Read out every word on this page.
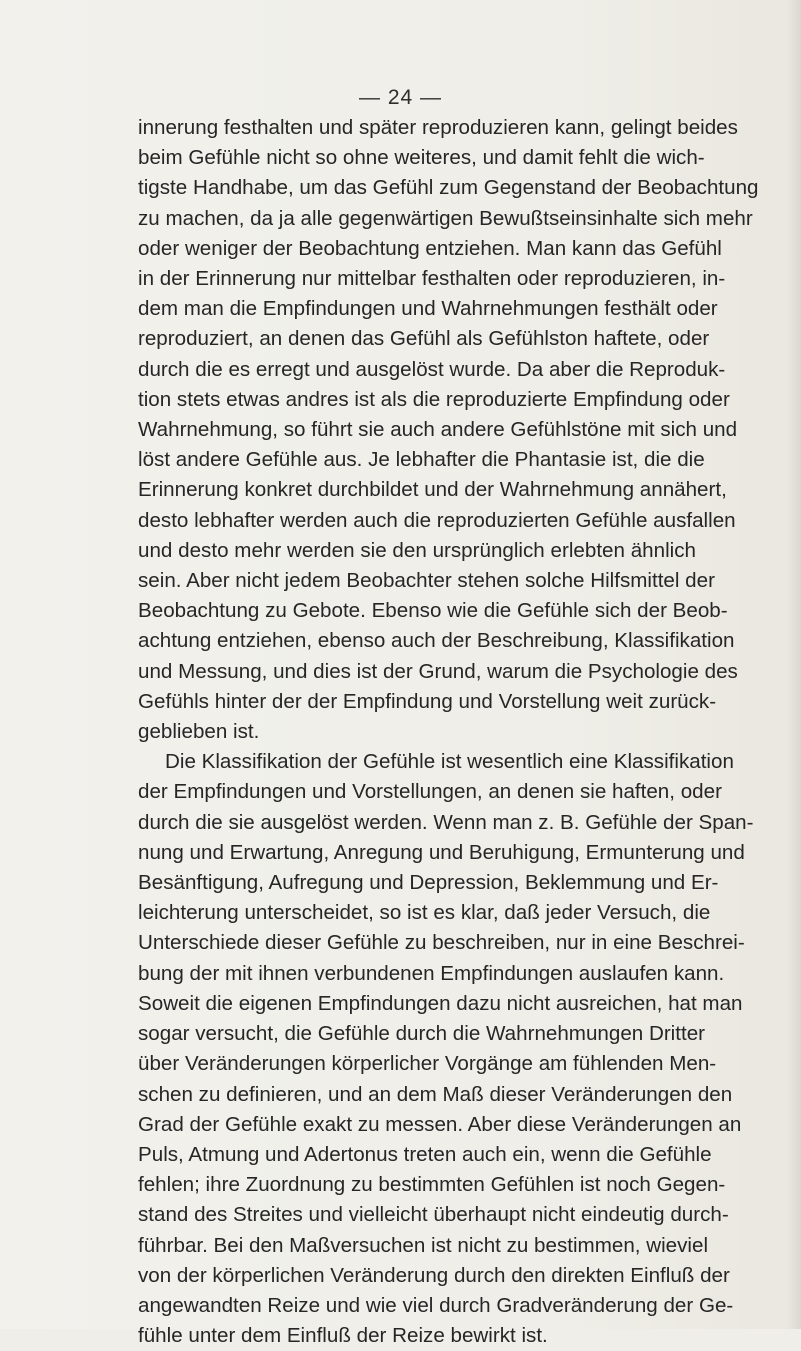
— 24 —
innerung festhalten und später reproduzieren kann, gelingt beides
beim Gefühle nicht so ohne weiteres, und damit fehlt die wich-
tigste Handhabe, um das Gefühl zum Gegenstand der Beobachtung
zu machen, da ja alle gegenwärtigen Bewußtseinsinhalte sich mehr
oder weniger der Beobachtung entziehen. Man kann das Gefühl
in der Erinnerung nur mittelbar festhalten oder reproduzieren, in-
dem man die Empfindungen und Wahrnehmungen festhält oder
reproduziert, an denen das Gefühl als Gefühlston haftete, oder
durch die es erregt und ausgelöst wurde. Da aber die Reproduk-
tion stets etwas andres ist als die reproduzierte Empfindung oder
Wahrnehmung, so führt sie auch andere Gefühlstöne mit sich und
löst andere Gefühle aus. Je lebhafter die Phantasie ist, die die
Erinnerung konkret durchbildet und der Wahrnehmung annähert,
desto lebhafter werden auch die reproduzierten Gefühle ausfallen
und desto mehr werden sie den ursprünglich erlebten ähnlich
sein. Aber nicht jedem Beobachter stehen solche Hilfsmittel der
Beobachtung zu Gebote. Ebenso wie die Gefühle sich der Beob-
achtung entziehen, ebenso auch der Beschreibung, Klassifikation
und Messung, und dies ist der Grund, warum die Psychologie des
Gefühls hinter der der Empfindung und Vorstellung weit zurück-
geblieben ist.
Die Klassifikation der Gefühle ist wesentlich eine Klassifikation
der Empfindungen und Vorstellungen, an denen sie haften, oder
durch die sie ausgelöst werden. Wenn man z. B. Gefühle der Span-
nung und Erwartung, Anregung und Beruhigung, Ermunterung und
Besänftigung, Aufregung und Depression, Beklemmung und Er-
leichterung unterscheidet, so ist es klar, daß jeder Versuch, die
Unterschiede dieser Gefühle zu beschreiben, nur in eine Beschrei-
bung der mit ihnen verbundenen Empfindungen auslaufen kann.
Soweit die eigenen Empfindungen dazu nicht ausreichen, hat man
sogar versucht, die Gefühle durch die Wahrnehmungen Dritter
über Veränderungen körperlicher Vorgänge am fühlenden Men-
schen zu definieren, und an dem Maß dieser Veränderungen den
Grad der Gefühle exakt zu messen. Aber diese Veränderungen an
Puls, Atmung und Adertonus treten auch ein, wenn die Gefühle
fehlen; ihre Zuordnung zu bestimmten Gefühlen ist noch Gegen-
stand des Streites und vielleicht überhaupt nicht eindeutig durch-
führbar. Bei den Maßversuchen ist nicht zu bestimmen, wieviel
von der körperlichen Veränderung durch den direkten Einfluß der
angewandten Reize und wie viel durch Gradveränderung der Ge-
fühle unter dem Einfluß der Reize bewirkt ist.
